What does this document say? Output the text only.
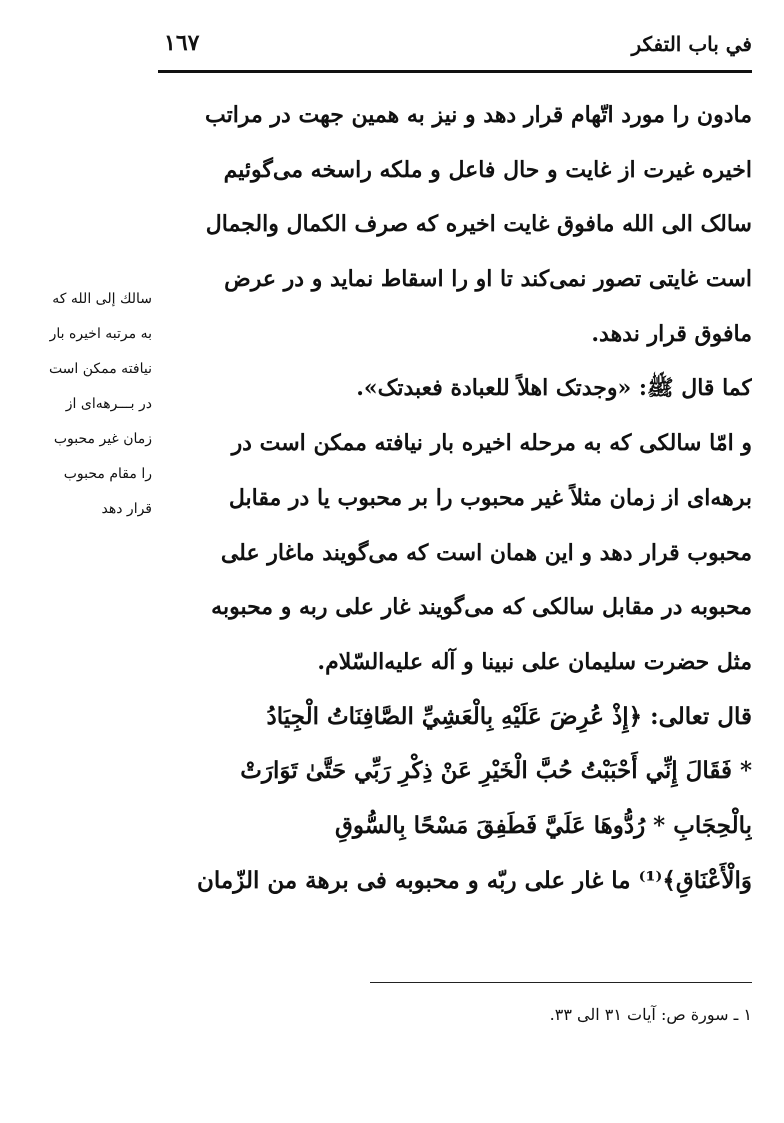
في باب التفكر
١٦٧
مادون را مورد اتّهام قرار دهد و نیز به همین جهت در مراتب
اخیره غیرت از غایت و حال فاعل و ملکه راسخه می‌گوئیم
سالک الی الله مافوق غایت اخیره که صرف الکمال والجمال
است غایتی تصور نمی‌کند تا او را اسقاط نماید و در عرض
مافوق قرار ندهد.
کما قال ﷺ: «وجدتک اهلاً للعبادة فعبدتک».
و امّا سالکی که به مرحله اخیره بار نیافته ممکن است در
برهه‌ای از زمان مثلاً غیر محبوب را بر محبوب یا در مقابل
محبوب قرار دهد و این همان است که می‌گویند ماغار علی
محبوبه در مقابل سالکی که می‌گویند غار علی ربه و محبوبه
مثل حضرت سلیمان علی نبینا و آله علیه‌السّلام.
قال تعالی: ﴿إِذْ عُرِضَ عَلَيْهِ بِالْعَشِيِّ الصَّافِنَاتُ الْجِيَادُ
* فَقَالَ إِنِّي أَحْبَبْتُ حُبَّ الْخَيْرِ عَنْ ذِكْرِ رَبِّي حَتَّىٰ تَوَارَتْ
بِالْحِجَابِ * رُدُّوهَا عَلَيَّ فَطَفِقَ مَسْحًا بِالسُّوقِ
وَالْأَعْنَاقِ﴾⁽¹⁾ ما غار علی ربّه و محبوبه فی برهة من الزّمان
سالك إلى الله كه
به مرتبه اخيره بار
نيافته ممكن است
در بـــرهه‌ای از
زمان غير محبوب
را مقام محبوب
قرار دهد
١ ـ سورة ص: آيات ٣١ الى ٣٣.
